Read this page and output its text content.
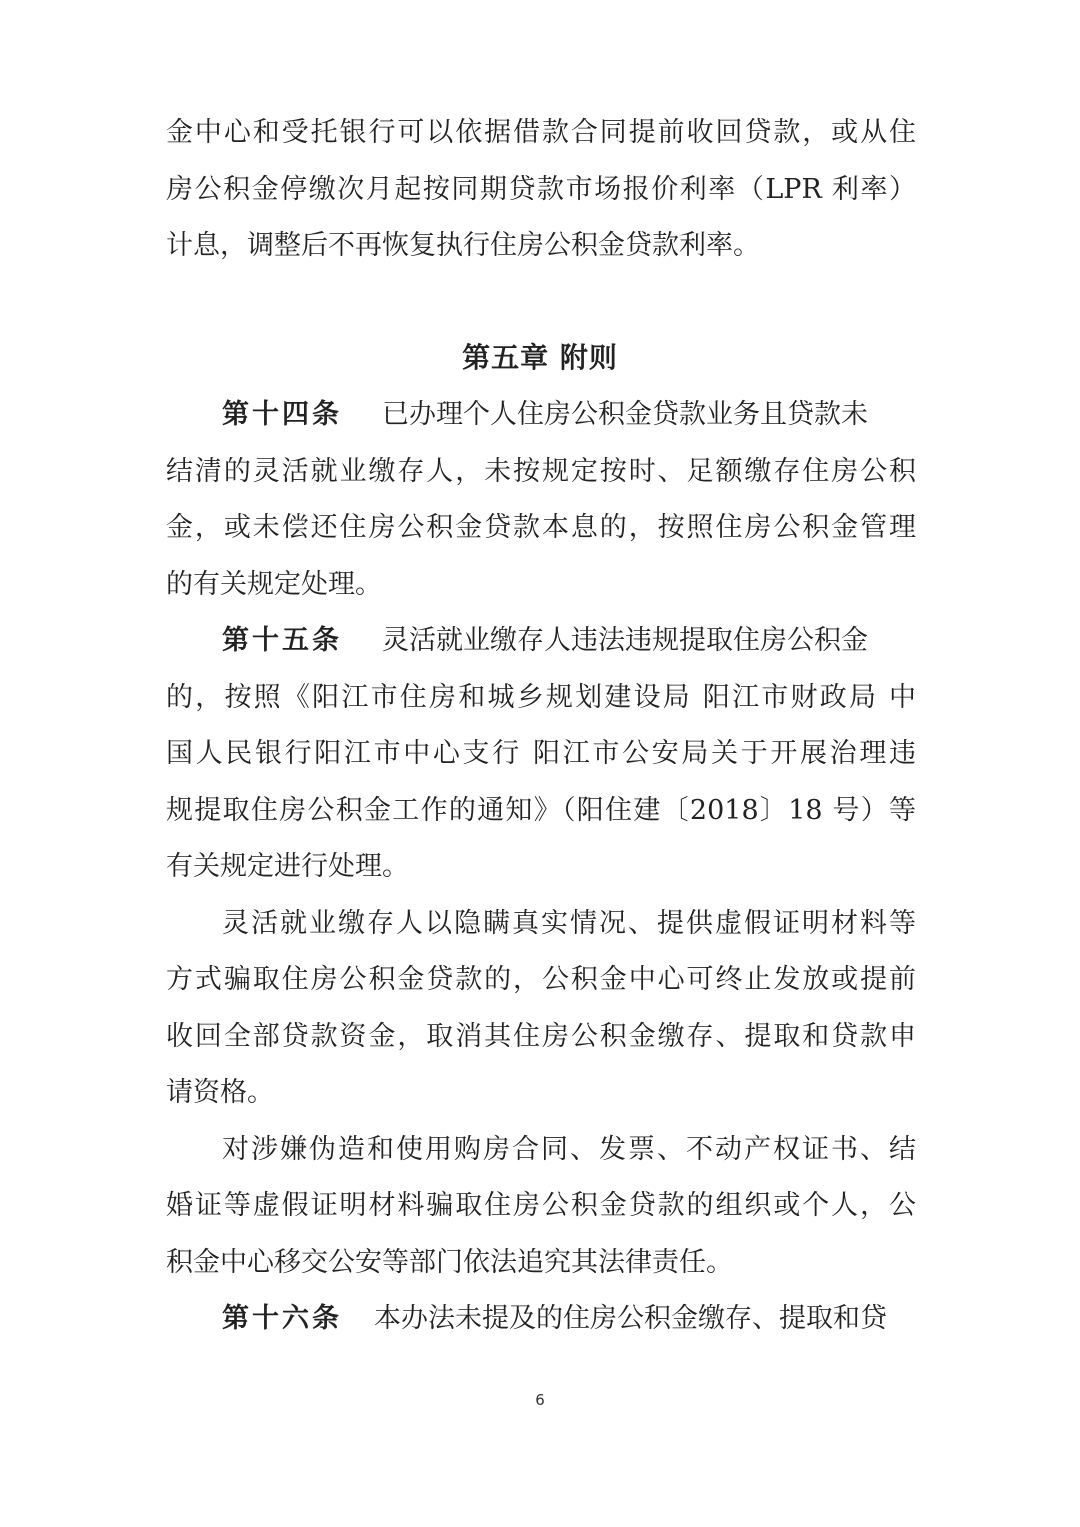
金中心和受托银行可以依据借款合同提前收回贷款，或从住
房公积金停缴次月起按同期贷款市场报价利率（LPR 利率）
计息，调整后不再恢复执行住房公积金贷款利率。
第五章 附则
第十四条 已办理个人住房公积金贷款业务且贷款未
结清的灵活就业缴存人，未按规定按时、足额缴存住房公积
金，或未偿还住房公积金贷款本息的，按照住房公积金管理
的有关规定处理。
第十五条 灵活就业缴存人违法违规提取住房公积金
的，按照《阳江市住房和城乡规划建设局 阳江市财政局 中
国人民银行阳江市中心支行 阳江市公安局关于开展治理违
规提取住房公积金工作的通知》（阳住建〔2018〕18 号）等
有关规定进行处理。
灵活就业缴存人以隐瞒真实情况、提供虚假证明材料等
方式骗取住房公积金贷款的，公积金中心可终止发放或提前
收回全部贷款资金，取消其住房公积金缴存、提取和贷款申
请资格。
对涉嫌伪造和使用购房合同、发票、不动产权证书、结
婚证等虚假证明材料骗取住房公积金贷款的组织或个人，公
积金中心移交公安等部门依法追究其法律责任。
第十六条 本办法未提及的住房公积金缴存、提取和贷
6
